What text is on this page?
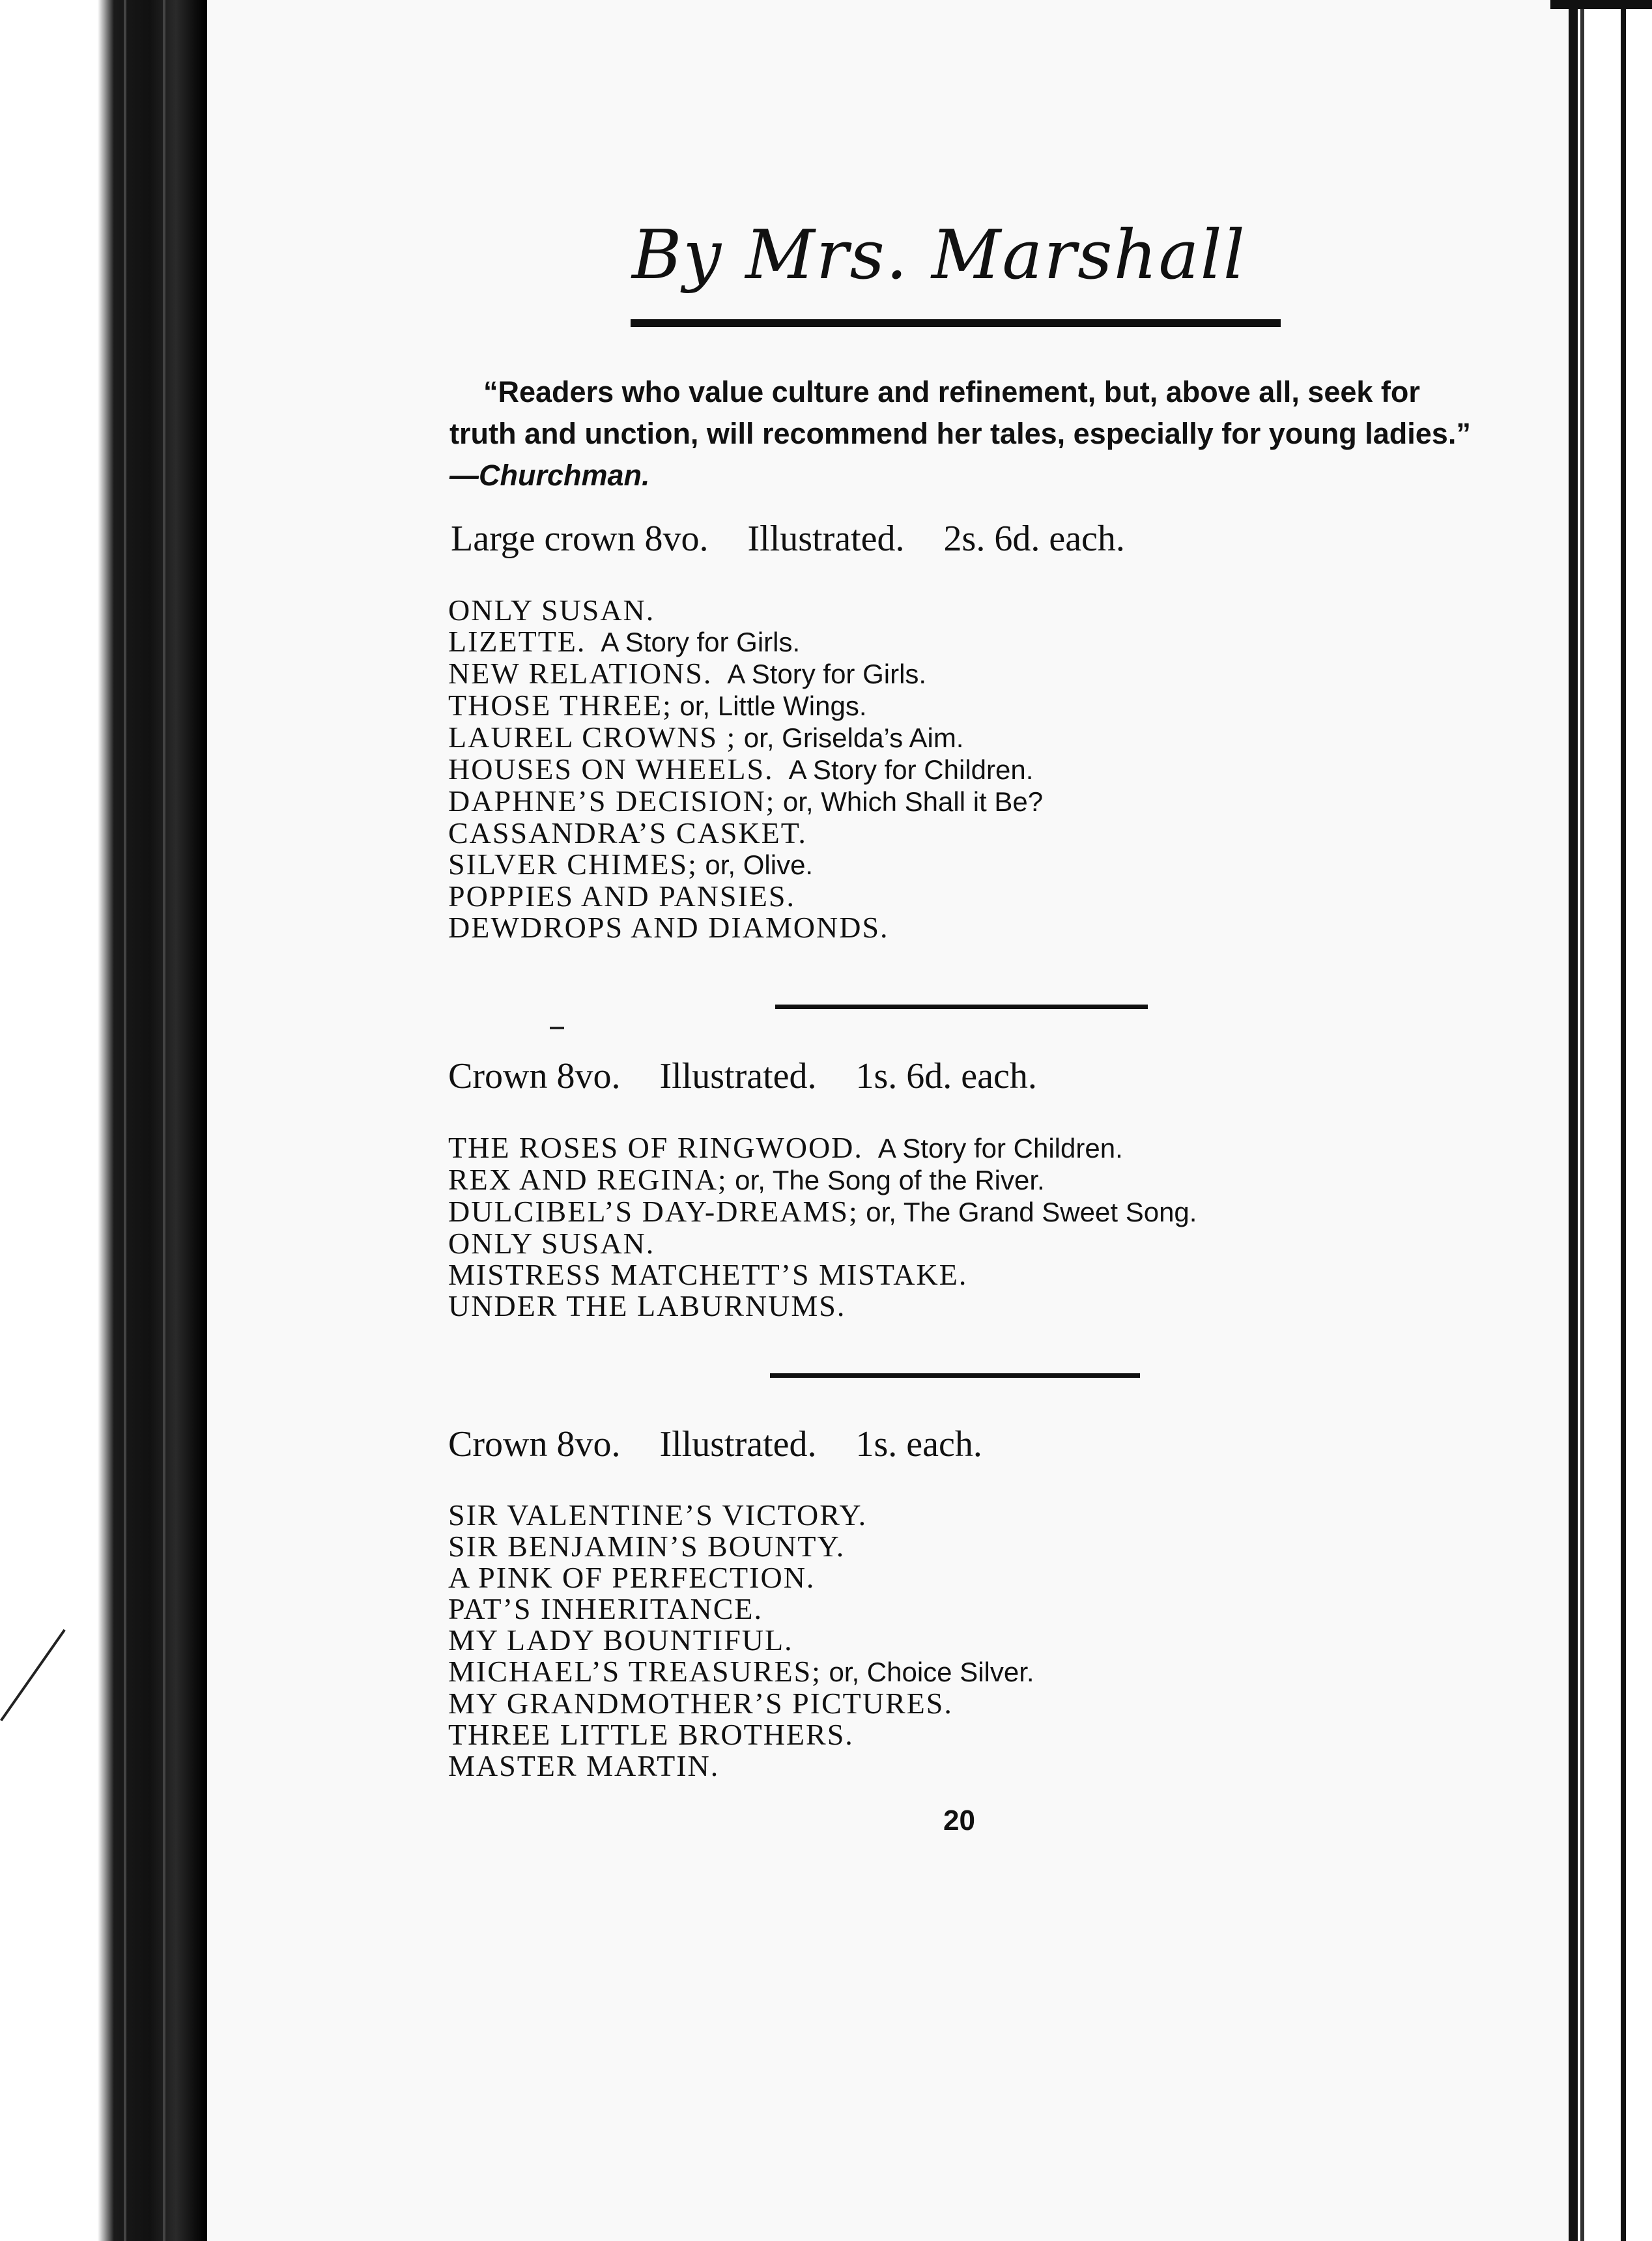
By Mrs. Marshall
“Readers who value culture and refinement, but, above all, seek for
truth and unction, will recommend her tales, especially for young ladies.”
—Churchman.
Large crown 8vo. Illustrated. 2s. 6d. each.
ONLY SUSAN.
LIZETTE. A Story for Girls.
NEW RELATIONS. A Story for Girls.
THOSE THREE; or, Little Wings.
LAUREL CROWNS ; or, Griselda’s Aim.
HOUSES ON WHEELS. A Story for Children.
DAPHNE’S DECISION; or, Which Shall it Be?
CASSANDRA’S CASKET.
SILVER CHIMES; or, Olive.
POPPIES AND PANSIES.
DEWDROPS AND DIAMONDS.
Crown 8vo. Illustrated. 1s. 6d. each.
THE ROSES OF RINGWOOD. A Story for Children.
REX AND REGINA; or, The Song of the River.
DULCIBEL’S DAY-DREAMS; or, The Grand Sweet Song.
ONLY SUSAN.
MISTRESS MATCHETT’S MISTAKE.
UNDER THE LABURNUMS.
Crown 8vo. Illustrated. 1s. each.
SIR VALENTINE’S VICTORY.
SIR BENJAMIN’S BOUNTY.
A PINK OF PERFECTION.
PAT’S INHERITANCE.
MY LADY BOUNTIFUL.
MICHAEL’S TREASURES; or, Choice Silver.
MY GRANDMOTHER’S PICTURES.
THREE LITTLE BROTHERS.
MASTER MARTIN.
20
